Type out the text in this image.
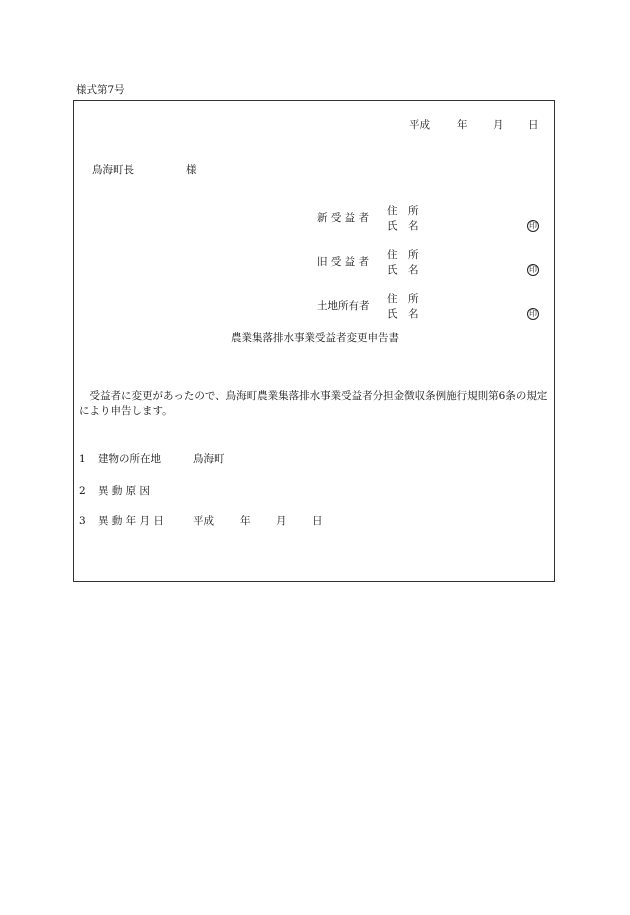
様式第7号
平成	年 月 日
鳥海町長	様
新 受 益 者
住　所
氏　名	印
旧 受 益 者
住　所
氏　名	印
土地所有者
住　所
氏　名	印
農業集落排水事業受益者変更申告書
受益者に変更があったので、鳥海町農業集落排水事業受益者分担金徴収条例施行規則第6条の規定により申告します。
1 建物の所在地	鳥海町
2 異 動 原 因
3 異 動 年 月 日	平成 年 月 日
